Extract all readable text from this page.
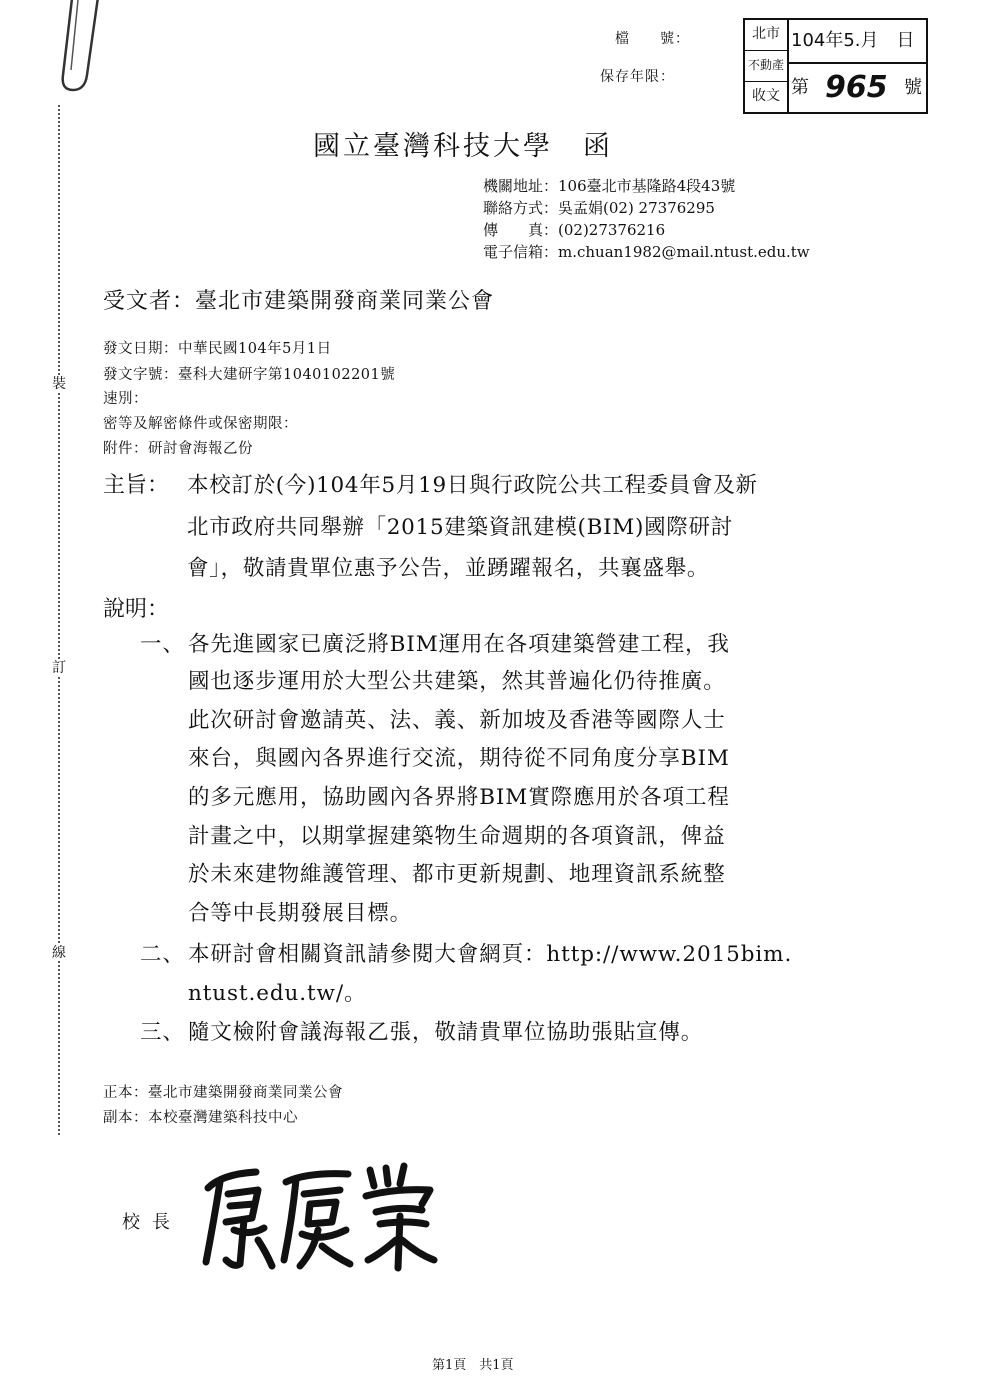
裝
訂
線
檔　　號：
保存年限：
北市
不動產
收文
104年5.月　日
第 965 號
國立臺灣科技大學　函
機關地址：106臺北市基隆路4段43號
聯絡方式：吳孟娟(02) 27376295
傳　　真：(02)27376216
電子信箱：m.chuan1982@mail.ntust.edu.tw
受文者：臺北市建築開發商業同業公會
發文日期：中華民國104年5月1日
發文字號：臺科大建研字第1040102201號
速別：
密等及解密條件或保密期限：
附件：研討會海報乙份
主旨： 本校訂於(今)104年5月19日與行政院公共工程委員會及新
北市政府共同舉辦「2015建築資訊建模(BIM)國際研討
會」，敬請貴單位惠予公告，並踴躍報名，共襄盛舉。
說明：
一、 各先進國家已廣泛將BIM運用在各項建築營建工程，我
國也逐步運用於大型公共建築，然其普遍化仍待推廣。
此次研討會邀請英、法、義、新加坡及香港等國際人士
來台，與國內各界進行交流，期待從不同角度分享BIM
的多元應用，協助國內各界將BIM實際應用於各項工程
計畫之中，以期掌握建築物生命週期的各項資訊，俾益
於未來建物維護管理、都市更新規劃、地理資訊系統整
合等中長期發展目標。
二、 本研討會相關資訊請參閱大會網頁：http://www.2015bim.
ntust.edu.tw/。
三、 隨文檢附會議海報乙張，敬請貴單位協助張貼宣傳。
正本：臺北市建築開發商業同業公會
副本：本校臺灣建築科技中心
校長
第1頁　共1頁
